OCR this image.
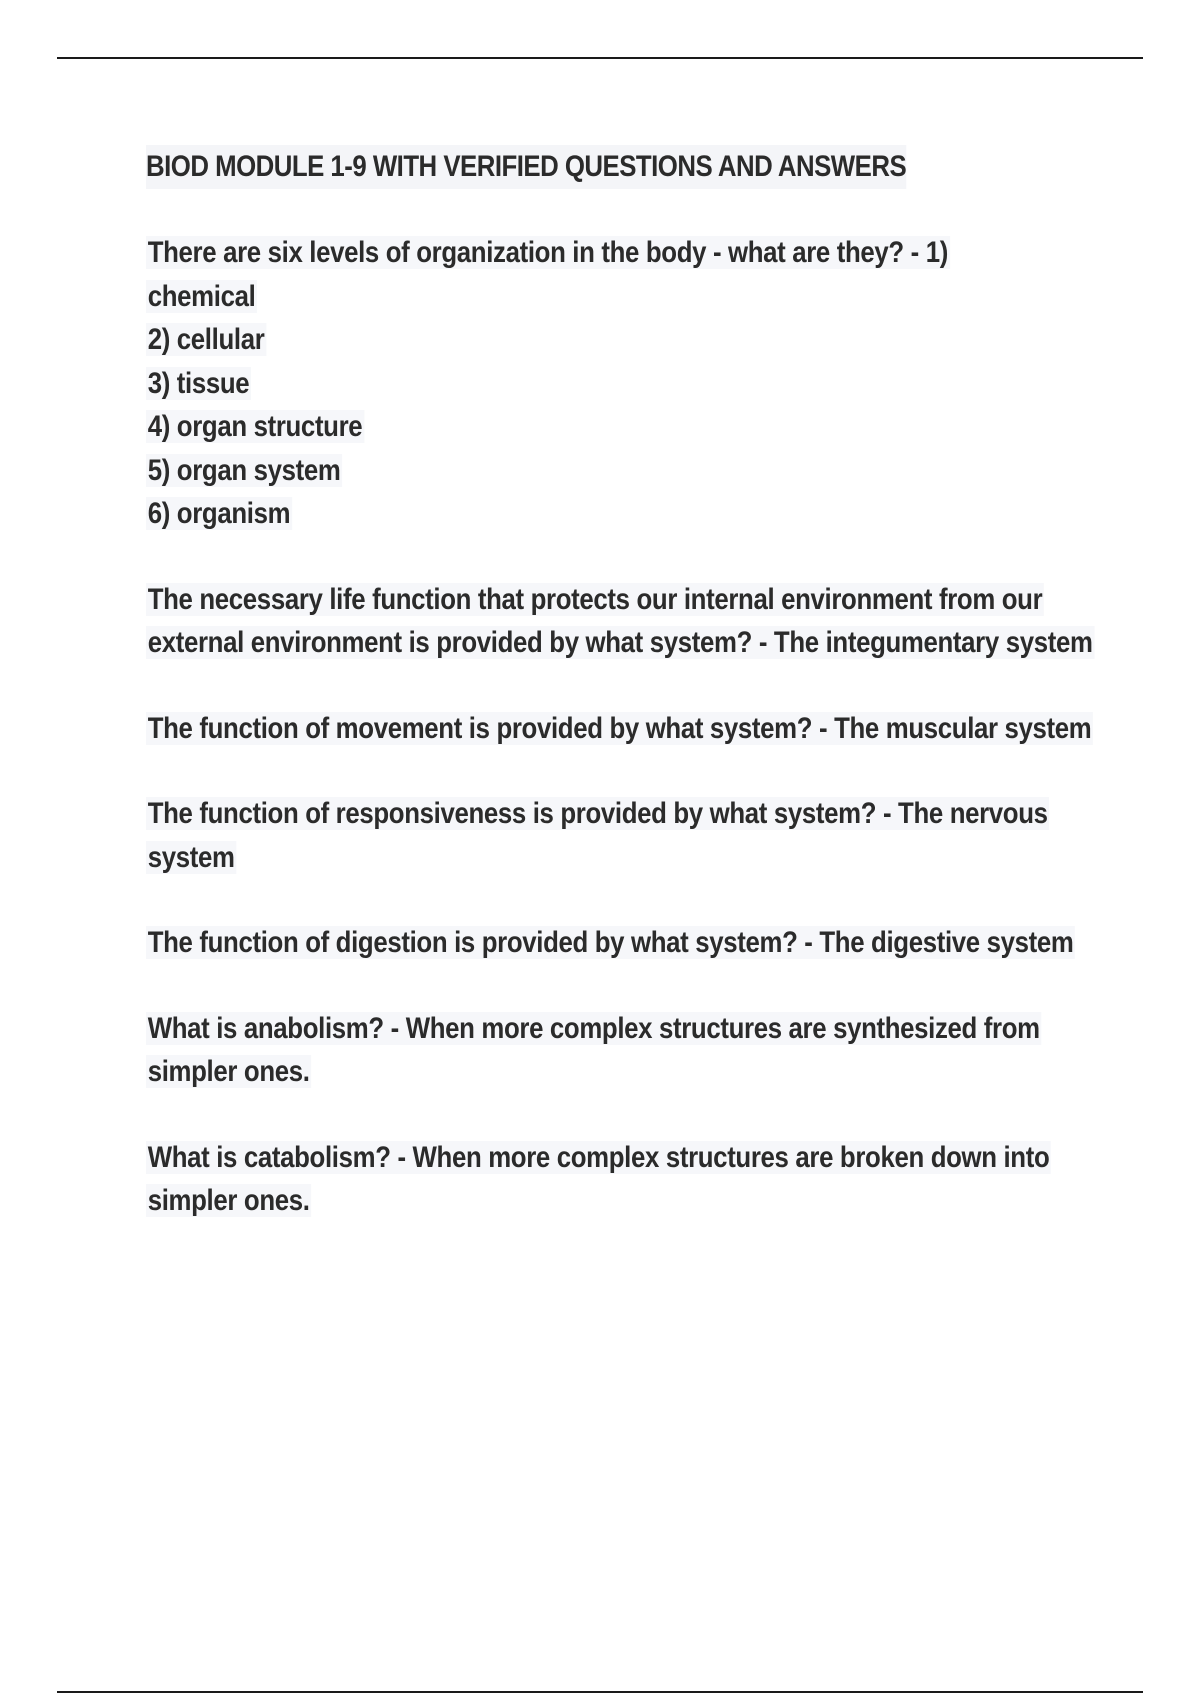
BIOD MODULE 1-9 WITH VERIFIED QUESTIONS AND ANSWERS
There are six levels of organization in the body - what are they? - 1)
chemical
2) cellular
3) tissue
4) organ structure
5) organ system
6) organism
The necessary life function that protects our internal environment from our external environment is provided by what system? - The integumentary system
The function of movement is provided by what system? - The muscular system
The function of responsiveness is provided by what system? - The nervous system
The function of digestion is provided by what system? - The digestive system
What is anabolism? - When more complex structures are synthesized from simpler ones.
What is catabolism? - When more complex structures are broken down into simpler ones.
